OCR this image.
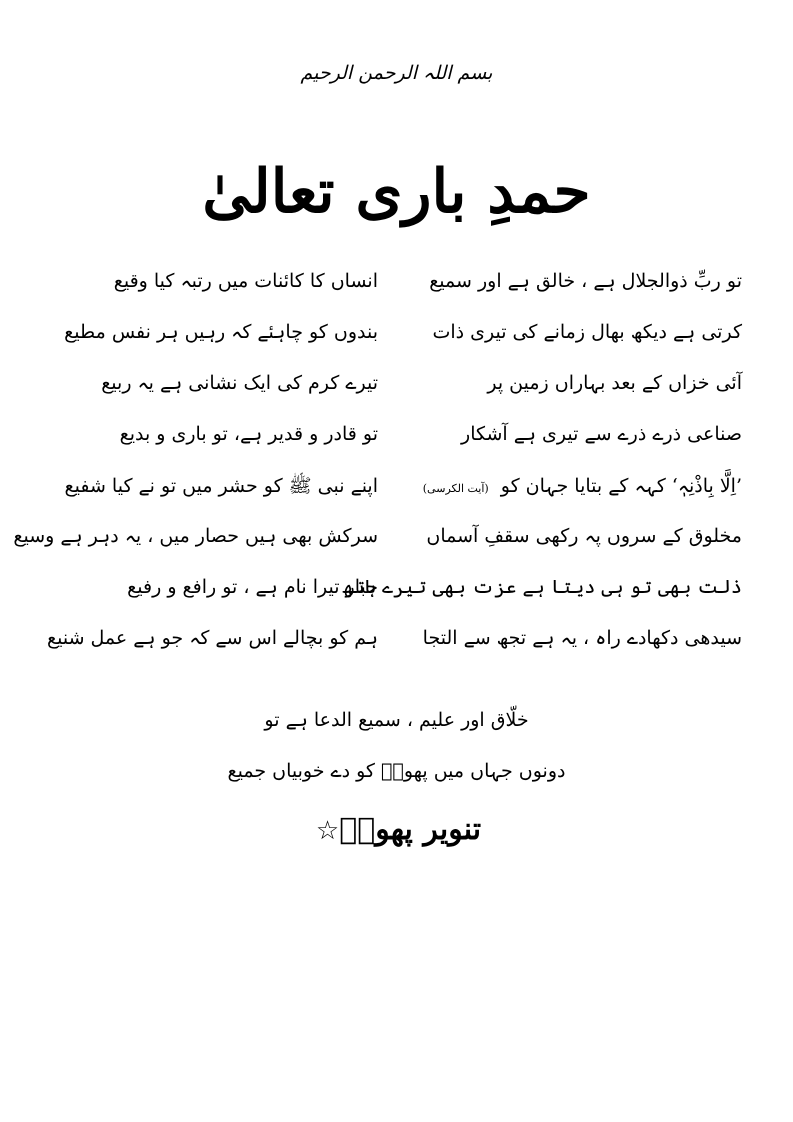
بسم اللہ الرحمن الرحیم
حمدِ باری تعالیٰ
تو ربِّ ذوالجلال ہے ، خالق ہے اور سمیع
انساں کا کائنات میں رتبہ کیا وقیع
کرتی ہے دیکھ بھال زمانے کی تیری ذات
بندوں کو چاہئے کہ رہیں ہر نفس مطیع
آئی خزاں کے بعد بہاراں زمین پر
تیرے کرم کی ایک نشانی ہے یہ ربیع
صناعی ذرے ذرے سے تیری ہے آشکار
تو قادر و قدیر ہے، تو باری و بدیع
’اِلَّا بِاذْنِہٖ‘ کہہ کے بتایا جہان کو (آیت الکرسی)
اپنے نبی ﷺ کو حشر میں تو نے کیا شفیع
مخلوق کے سروں پہ رکھی سقفِ آسماں
سرکش بھی ہیں حصار میں ، یہ دہر ہے وسیع
ذلت بھی تو ہی دیتا ہے عزت بھی تیرے ہاتھ
جبار تیرا نام ہے ، تو رافع و رفیع
سیدھی دکھادے راہ ، یہ ہے تجھ سے التجا
ہم کو بچالے اس سے کہ جو ہے عمل شنیع
خلّاق اور علیم ، سمیع الدعا ہے تو
دونوں جہاں میں پھولؔ کو دے خوبیاں جمیع
تنویر پھولؔ☆
